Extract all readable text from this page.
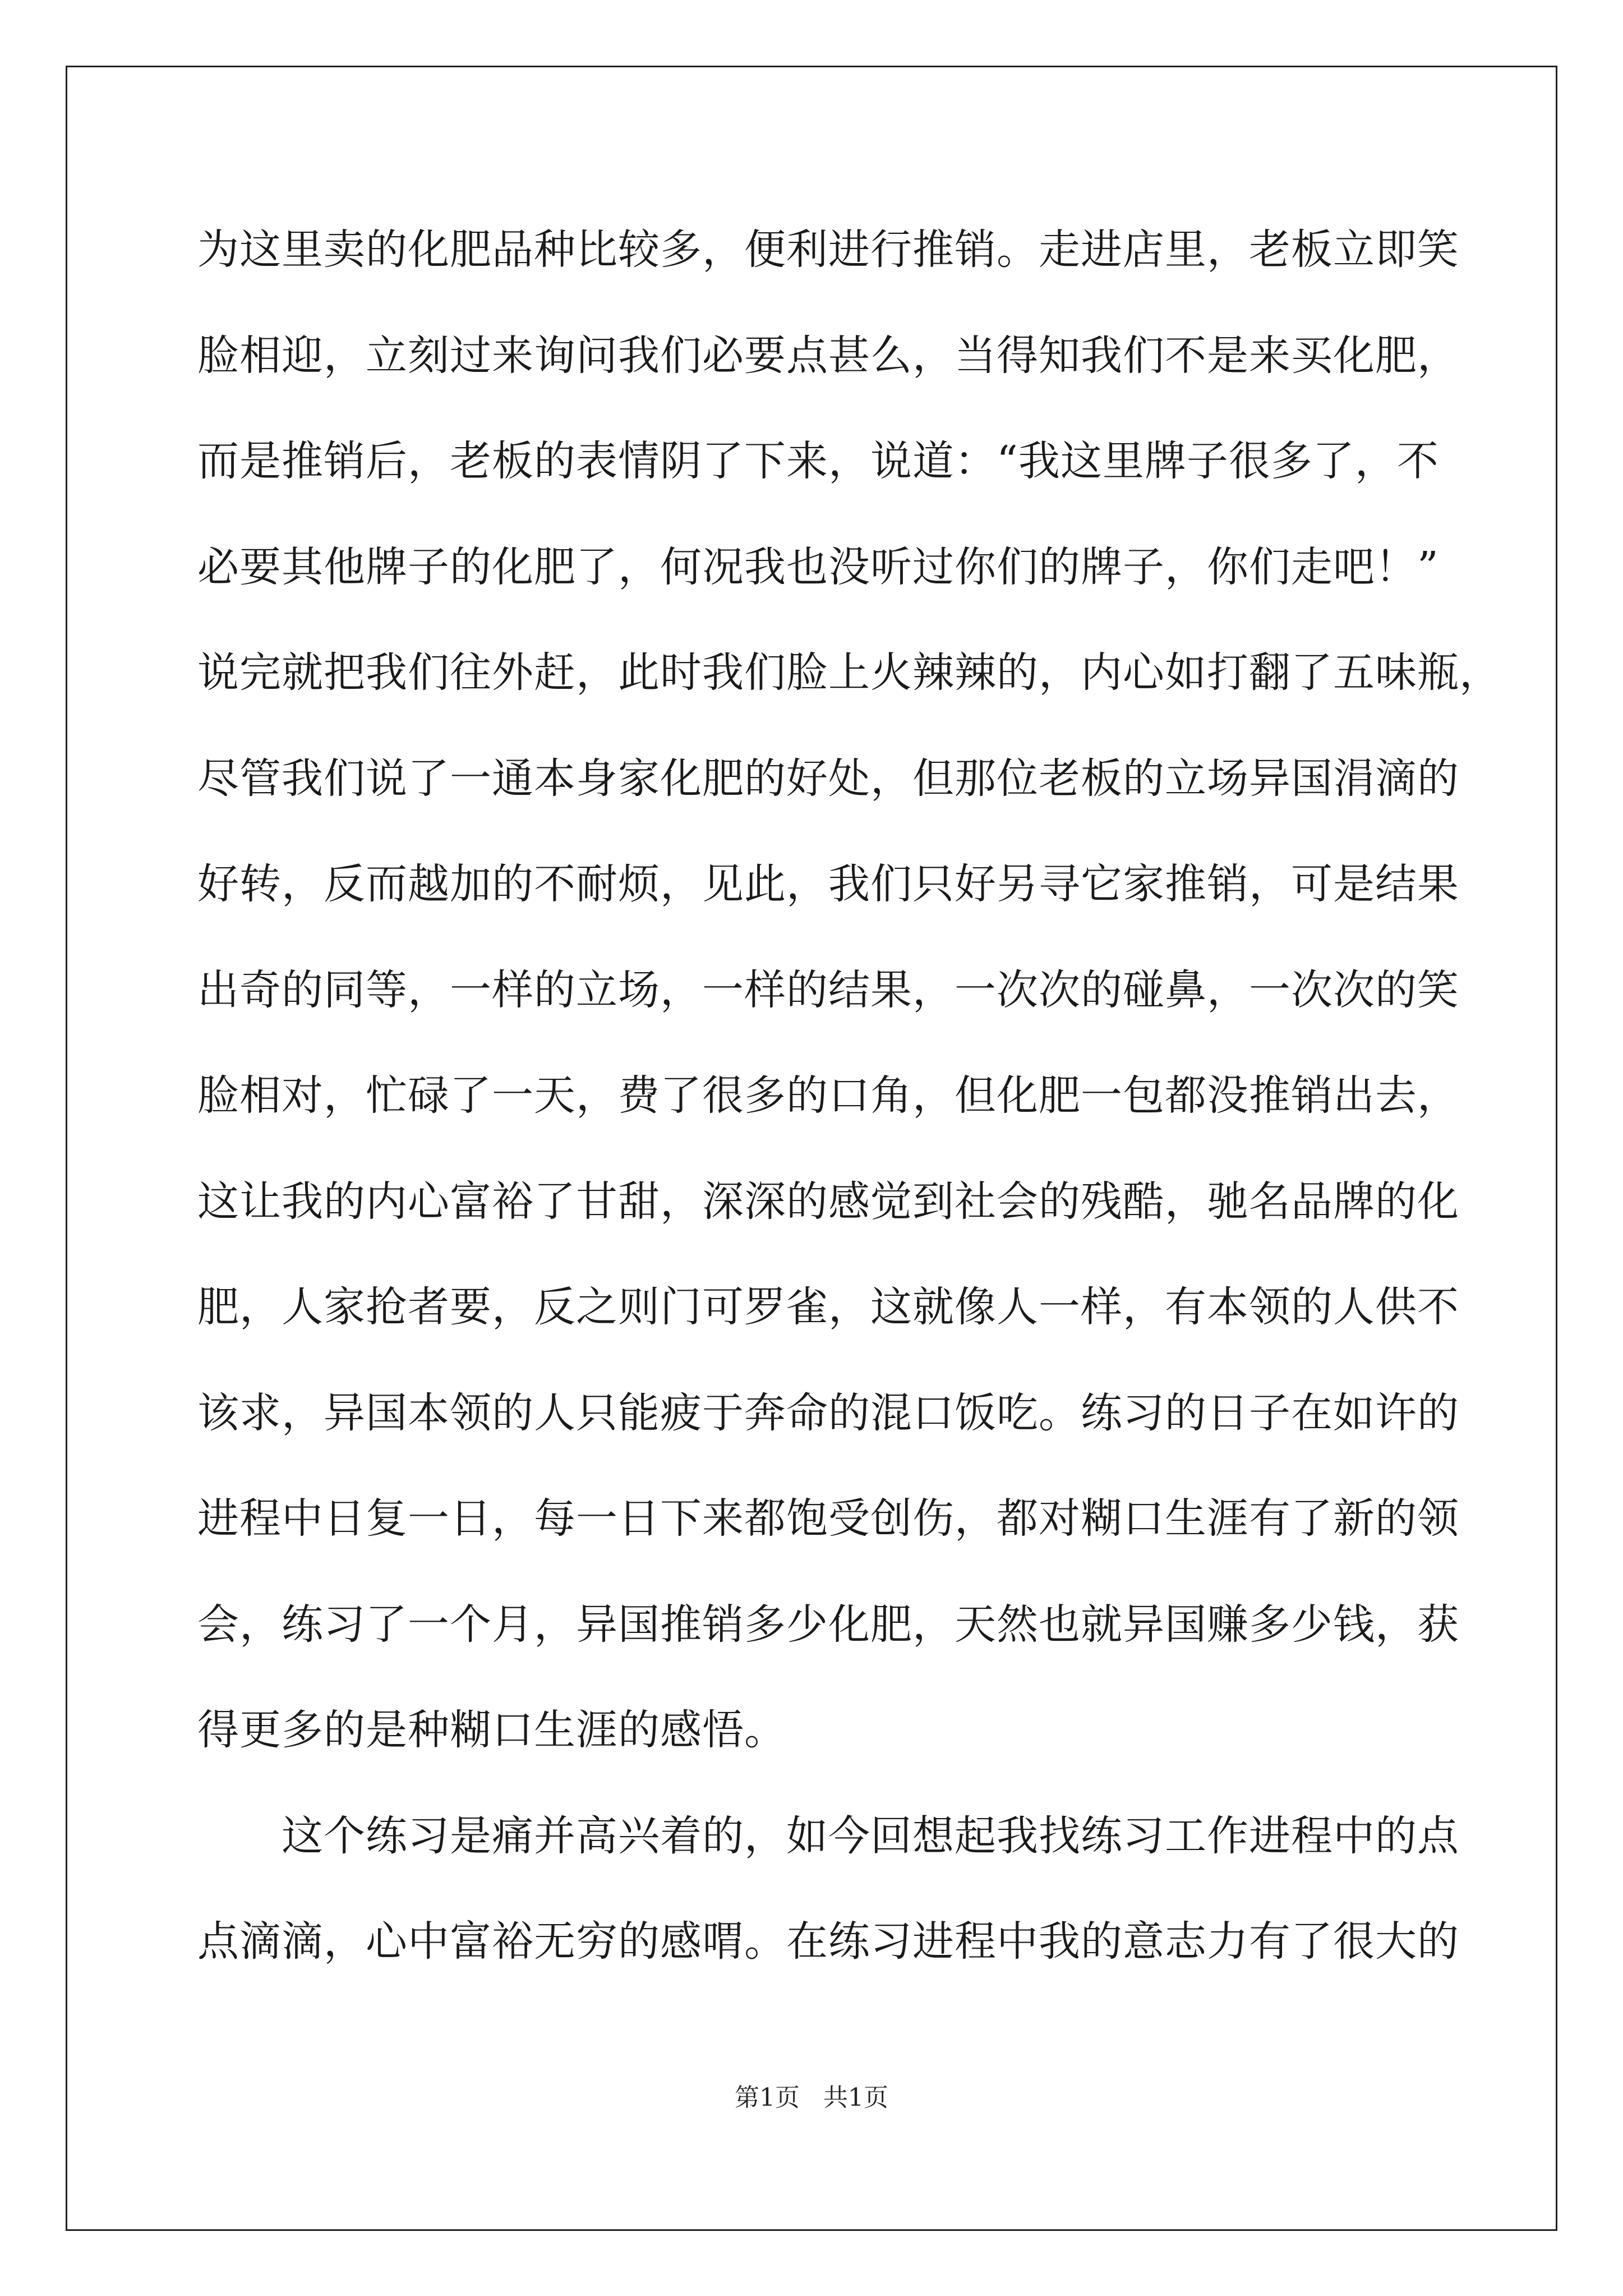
为这里卖的化肥品种比较多，便利进行推销。走进店里，老板立即笑
脸相迎，立刻过来询问我们必要点甚么，当得知我们不是来买化肥，
而是推销后，老板的表情阴了下来，说道：“我这里牌子很多了，不
必要其他牌子的化肥了，何况我也没听过你们的牌子，你们走吧！”
说完就把我们往外赶，此时我们脸上火辣辣的，内心如打翻了五味瓶，
尽管我们说了一通本身家化肥的好处，但那位老板的立场异国涓滴的
好转，反而越加的不耐烦，见此，我们只好另寻它家推销，可是结果
出奇的同等，一样的立场，一样的结果，一次次的碰鼻，一次次的笑
脸相对，忙碌了一天，费了很多的口角，但化肥一包都没推销出去，
这让我的内心富裕了甘甜，深深的感觉到社会的残酷，驰名品牌的化
肥，人家抢者要，反之则门可罗雀，这就像人一样，有本领的人供不
该求，异国本领的人只能疲于奔命的混口饭吃。练习的日子在如许的
进程中日复一日，每一日下来都饱受创伤，都对糊口生涯有了新的领
会，练习了一个月，异国推销多少化肥，天然也就异国赚多少钱，获
得更多的是种糊口生涯的感悟。
这个练习是痛并高兴着的，如今回想起我找练习工作进程中的点
点滴滴，心中富裕无穷的感喟。在练习进程中我的意志力有了很大的
第1页   共1页
